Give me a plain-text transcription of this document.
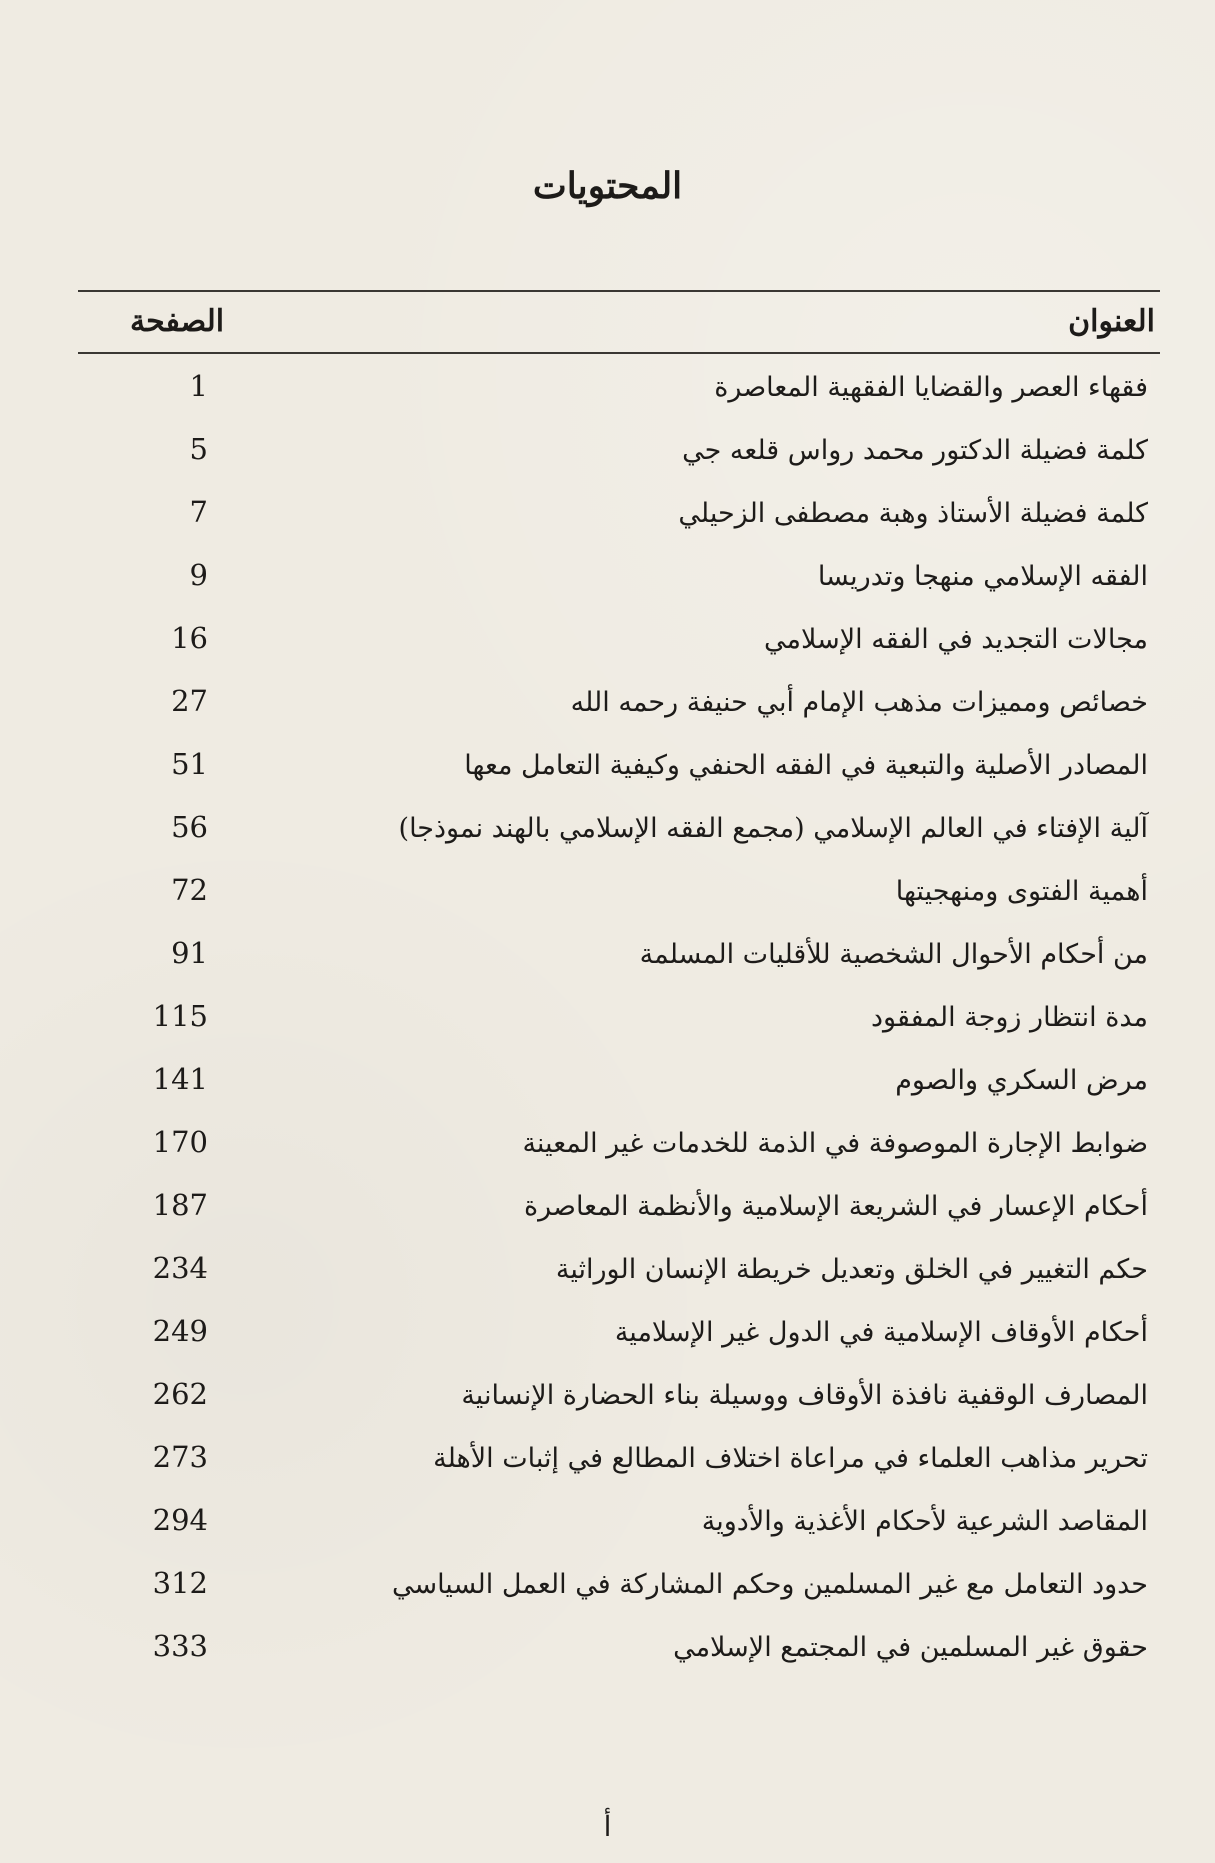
المحتويات
العنوان
الصفحة
فقهاء العصر والقضايا الفقهية المعاصرة
1
كلمة فضيلة الدكتور محمد رواس قلعه جي
5
كلمة فضيلة الأستاذ وهبة مصطفى الزحيلي
7
الفقه الإسلامي منهجا وتدريسا
9
مجالات التجديد في الفقه الإسلامي
16
خصائص ومميزات مذهب الإمام أبي حنيفة رحمه الله
27
المصادر الأصلية والتبعية في الفقه الحنفي وكيفية التعامل معها
51
آلية الإفتاء في العالم الإسلامي (مجمع الفقه الإسلامي بالهند نموذجا)
56
أهمية الفتوى ومنهجيتها
72
من أحكام الأحوال الشخصية للأقليات المسلمة
91
مدة انتظار زوجة المفقود
115
مرض السكري والصوم
141
ضوابط الإجارة الموصوفة في الذمة للخدمات غير المعينة
170
أحكام الإعسار في الشريعة الإسلامية والأنظمة المعاصرة
187
حكم التغيير في الخلق وتعديل خريطة الإنسان الوراثية
234
أحكام الأوقاف الإسلامية في الدول غير الإسلامية
249
المصارف الوقفية نافذة الأوقاف ووسيلة بناء الحضارة الإنسانية
262
تحرير مذاهب العلماء في مراعاة اختلاف المطالع في إثبات الأهلة
273
المقاصد الشرعية لأحكام الأغذية والأدوية
294
حدود التعامل مع غير المسلمين وحكم المشاركة في العمل السياسي
312
حقوق غير المسلمين في المجتمع الإسلامي
333
أ
